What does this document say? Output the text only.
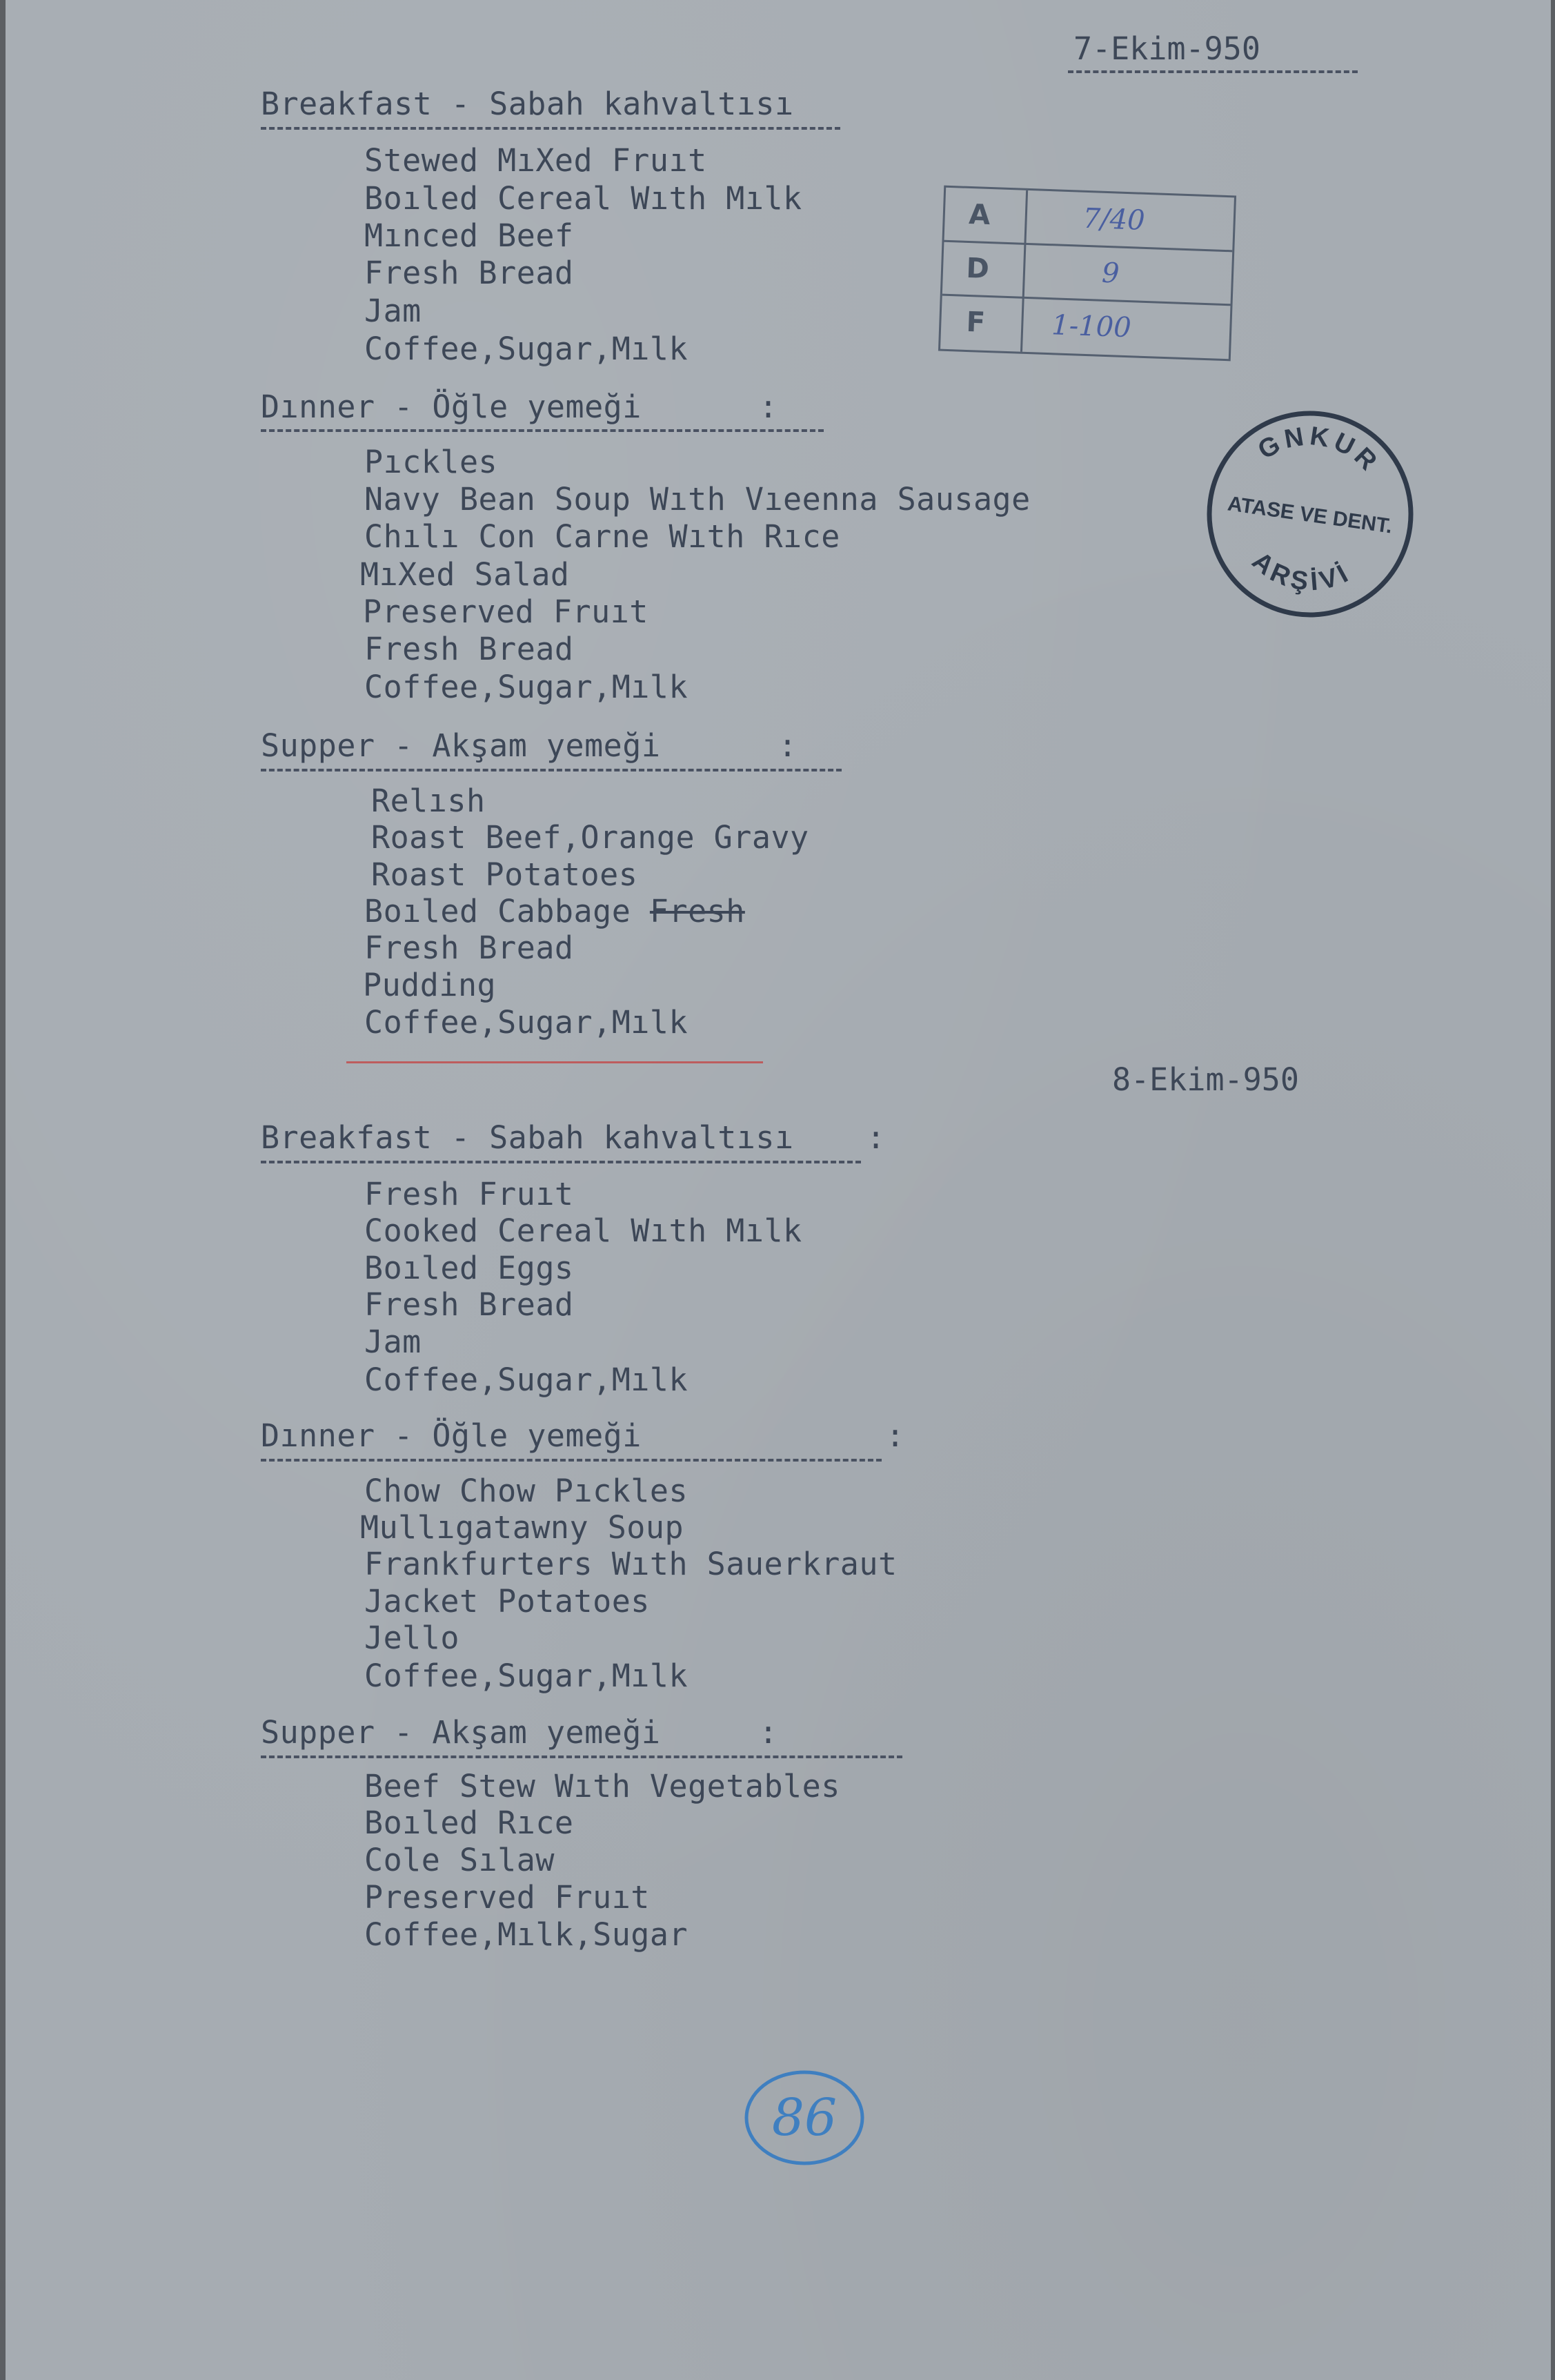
7-Ekim-950
Breakfast - Sabah kahvaltısı
Stewed MıXed Fruıt
Boıled Cereal Wıth Mılk
Mınced Beef
Fresh Bread
Jam
Coffee,Sugar,Mılk
Dınner - Öğle yemeği	:
Pıckles
Navy Bean Soup Wıth Vıeenna Sausage
Chılı Con Carne Wıth Rıce
MıXed Salad
Preserved Fruıt
Fresh Bread
Coffee,Sugar,Mılk
Supper - Akşam yemeği	:
Relısh
Roast Beef,Orange Gravy
Roast Potatoes
Boıled Cabbage Fresh
Fresh Bread
Pudding
Coffee,Sugar,Mılk
8-Ekim-950
Breakfast - Sabah kahvaltısı :
Fresh Fruıt
Cooked Cereal Wıth Mılk
Boıled Eggs
Fresh Bread
Jam
Coffee,Sugar,Mılk
Dınner - Öğle yemeği	:
Chow Chow Pıckles
Mullıgatawny Soup
Frankfurters Wıth Sauerkraut
Jacket Potatoes
Jello
Coffee,Sugar,Mılk
Supper - Akşam yemeği	:
Beef Stew Wıth Vegetables
Boıled Rıce
Cole Sılaw
Preserved Fruıt
Coffee,Mılk,Sugar
A	7/40
D	9
F	1-100
GNKUR
ATASE VE DENT.
ARŞİVİ
86
